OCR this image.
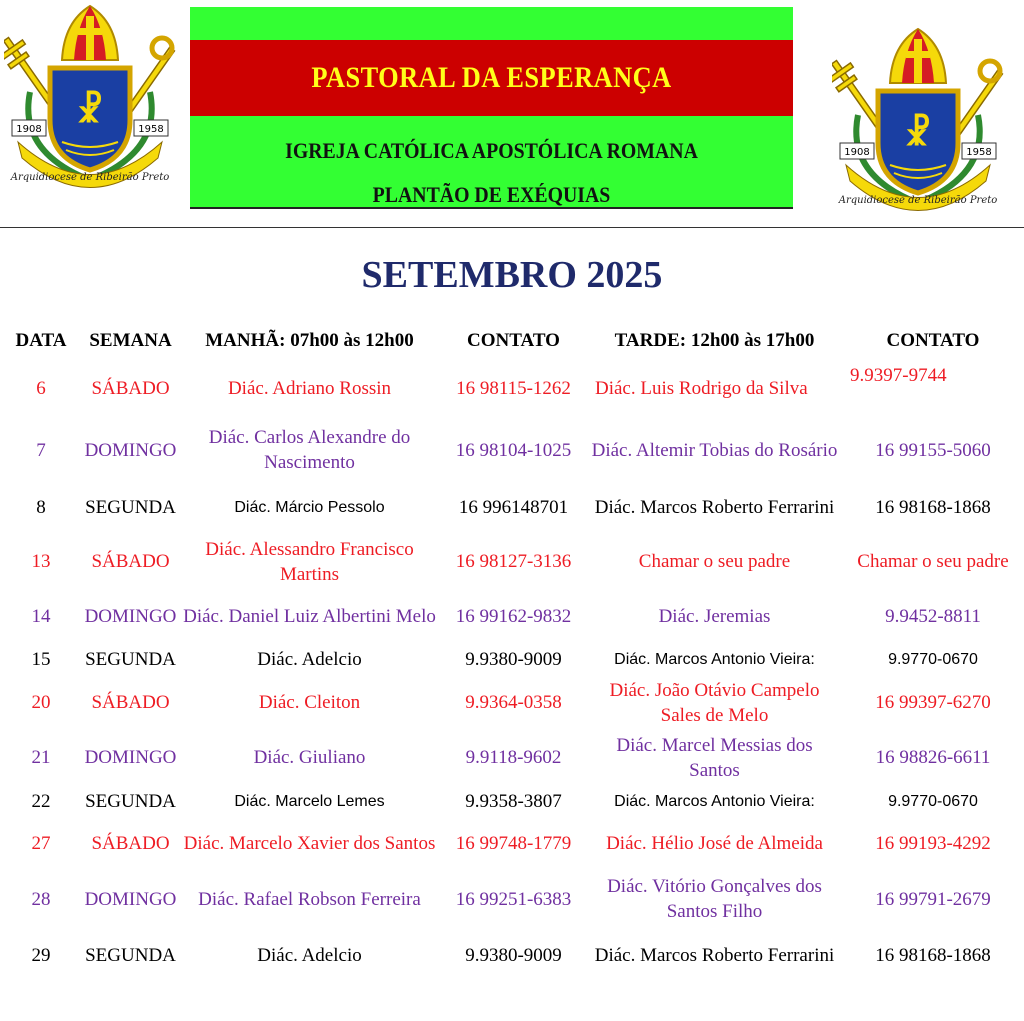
☧
1908	1958
Arquidiocese de Ribeirão Preto
☧
1908	1958
Arquidiocese de Ribeirão Preto
PASTORAL DA ESPERANÇA
IGREJA CATÓLICA APOSTÓLICA ROMANA
PLANTÃO DE EXÉQUIAS
SETEMBRO 2025
DATA	SEMANA	MANHÃ: 07h00 às 12h00	CONTATO	TARDE: 12h00 às 17h00	CONTATO
6	SÁBADO	Diác. Adriano Rossin	16 98115-1262	Diác. Luis Rodrigo da Silva	9.9397-9744
7	DOMINGO	Diác. Carlos Alexandre do Nascimento	16 98104-1025	Diác. Altemir Tobias do Rosário	16 99155-5060
8	SEGUNDA	Diác. Márcio Pessolo	16 996148701	Diác. Marcos Roberto Ferrarini	16 98168-1868
13	SÁBADO	Diác. Alessandro Francisco Martins	16 98127-3136	Chamar o seu padre	Chamar o seu padre
14	DOMINGO	Diác. Daniel Luiz Albertini Melo	16 99162-9832	Diác. Jeremias	9.9452-8811
15	SEGUNDA	Diác. Adelcio	9.9380-9009	Diác. Marcos Antonio Vieira:	9.9770-0670
20	SÁBADO	Diác. Cleiton	9.9364-0358	Diác. João Otávio Campelo Sales de Melo	16 99397-6270
21	DOMINGO	Diác. Giuliano	9.9118-9602	Diác. Marcel Messias dos Santos	16 98826-6611
22	SEGUNDA	Diác. Marcelo Lemes	9.9358-3807	Diác. Marcos Antonio Vieira:	9.9770-0670
27	SÁBADO	Diác. Marcelo Xavier dos Santos	16 99748-1779	Diác. Hélio José de Almeida	16 99193-4292
28	DOMINGO	Diác. Rafael Robson Ferreira	16 99251-6383	Diác. Vitório Gonçalves dos Santos Filho	16 99791-2679
29	SEGUNDA	Diác. Adelcio	9.9380-9009	Diác. Marcos Roberto Ferrarini	16 98168-1868
